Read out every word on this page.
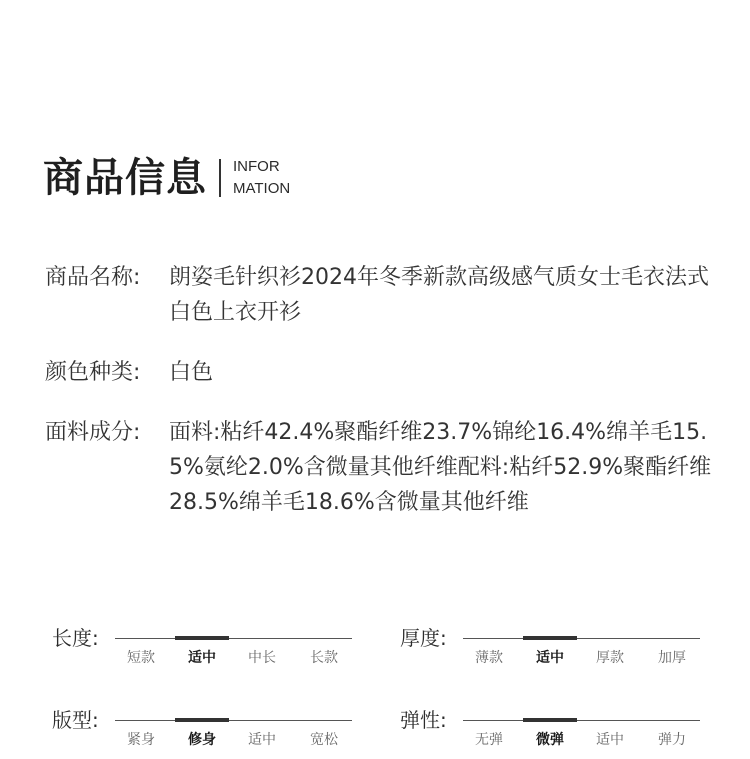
商品信息 INFOR
MATION
商品名称:	朗姿毛针织衫2024年冬季新款高级感气质女士毛衣法式白色上衣开衫
颜色种类:	白色
面料成分:	面料:粘纤42.4%聚酯纤维23.7%锦纶16.4%绵羊毛15.5%氨纶2.0%含微量其他纤维配料:粘纤52.9%聚酯纤维28.5%绵羊毛18.6%含微量其他纤维
长度:
短款	适中	中长	长款
厚度:
薄款	适中	厚款	加厚
版型:
紧身	修身	适中	宽松
弹性:
无弹	微弹	适中	弹力
